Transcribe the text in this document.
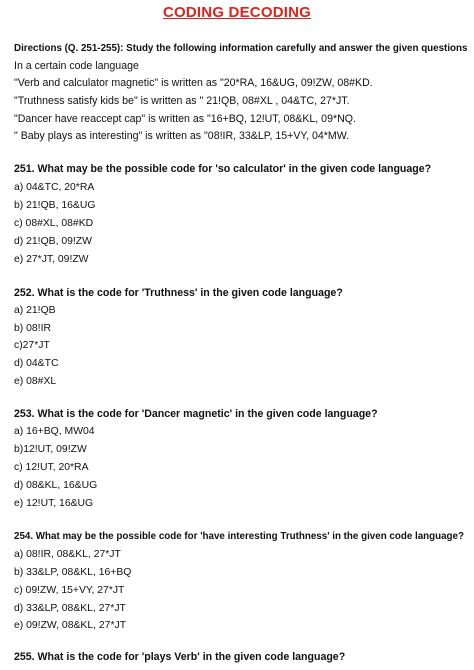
CODING DECODING
Directions (Q. 251-255): Study the following information carefully and answer the given questions
In a certain code language
"Verb and calculator magnetic" is written as "20*RA, 16&UG, 09!ZW, 08#KD.
"Truthness satisfy kids be" is written as " 21!QB, 08#XL , 04&TC, 27*JT.
"Dancer have reaccept cap" is written as "16+BQ, 12!UT, 08&KL, 09*NQ.
" Baby plays as interesting" is written as "08!IR, 33&LP, 15+VY, 04*MW.
251. What may be the possible code for 'so calculator' in the given code language?
a) 04&TC, 20*RA
b) 21!QB, 16&UG
c) 08#XL, 08#KD
d) 21!QB, 09!ZW
e) 27*JT, 09!ZW
252. What is the code for 'Truthness' in the given code language?
a) 21!QB
b) 08!IR
c)27*JT
d) 04&TC
e) 08#XL
253. What is the code for 'Dancer magnetic' in the given code language?
a) 16+BQ, MW04
b)12!UT, 09!ZW
c) 12!UT, 20*RA
d) 08&KL, 16&UG
e) 12!UT, 16&UG
254. What may be the possible code for 'have interesting Truthness' in the given code language?
a) 08!IR, 08&KL, 27*JT
b) 33&LP, 08&KL, 16+BQ
c) 09!ZW, 15+VY, 27*JT
d) 33&LP, 08&KL, 27*JT
e) 09!ZW, 08&KL, 27*JT
255. What is the code for 'plays Verb' in the given code language?
